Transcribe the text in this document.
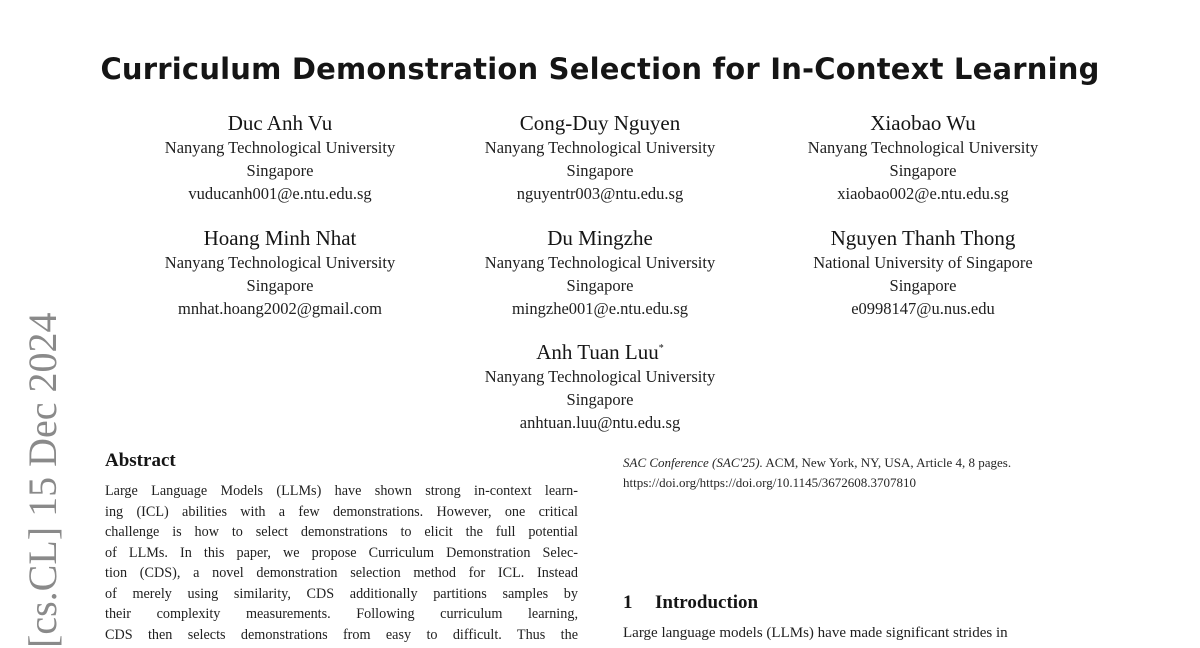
Curriculum Demonstration Selection for In-Context Learning
Duc Anh Vu
Nanyang Technological University
Singapore
vuducanh001@e.ntu.edu.sg
Cong-Duy Nguyen
Nanyang Technological University
Singapore
nguyentr003@ntu.edu.sg
Xiaobao Wu
Nanyang Technological University
Singapore
xiaobao002@e.ntu.edu.sg
Hoang Minh Nhat
Nanyang Technological University
Singapore
mnhat.hoang2002@gmail.com
Du Mingzhe
Nanyang Technological University
Singapore
mingzhe001@e.ntu.edu.sg
Nguyen Thanh Thong
National University of Singapore
Singapore
e0998147@u.nus.edu
Anh Tuan Luu*
Nanyang Technological University
Singapore
anhtuan.luu@ntu.edu.sg
[cs.CL] 15 Dec 2024 Abstract
Large Language Models (LLMs) have shown strong in-context learn-
ing (ICL) abilities with a few demonstrations. However, one critical
challenge is how to select demonstrations to elicit the full potential
of LLMs. In this paper, we propose Curriculum Demonstration Selec-
tion (CDS), a novel demonstration selection method for ICL. Instead
of merely using similarity, CDS additionally partitions samples by
their complexity measurements. Following curriculum learning,
CDS then selects demonstrations from easy to difficult. Thus the
SAC Conference (SAC'25). ACM, New York, NY, USA, Article 4, 8 pages.
https://doi.org/https://doi.org/10.1145/3672608.3707810
1 Introduction
Large language models (LLMs) have made significant strides in
